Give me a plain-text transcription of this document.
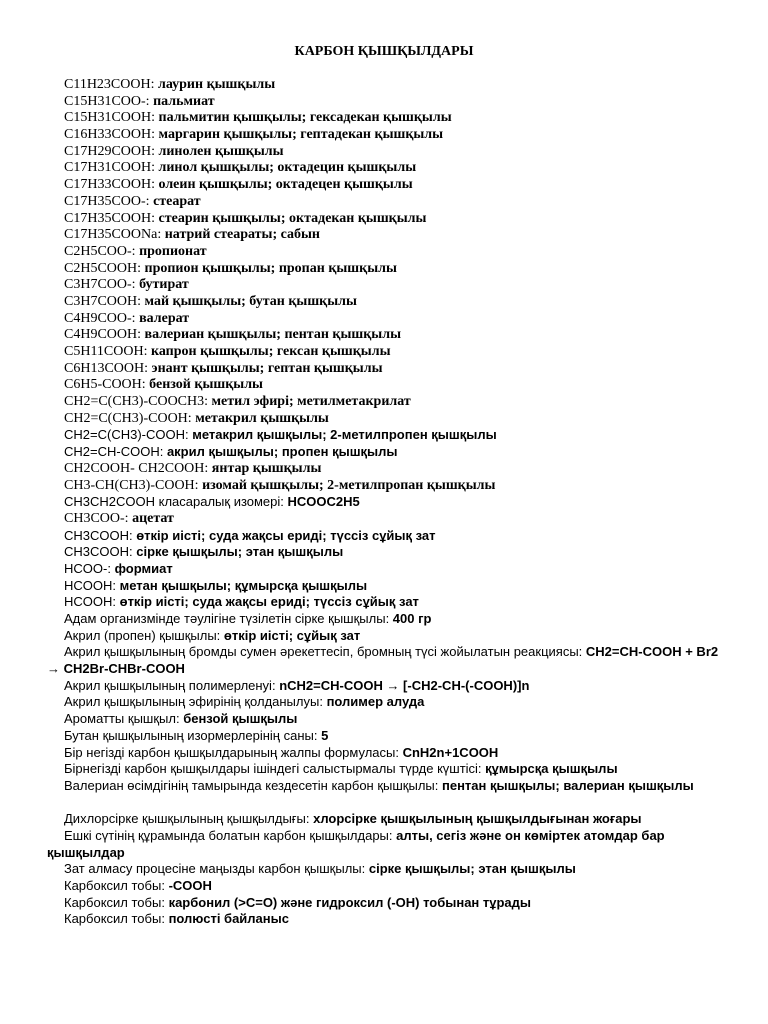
КАРБОН ҚЫШҚЫЛДАРЫ
C11H23COOH: лаурин қышқылы
C15H31COO-: пальмиат
C15H31COOH: пальмитин қышқылы; гексадекан қышқылы
C16H33COOH: маргарин қышқылы; гептадекан қышқылы
C17H29COOH: линолен қышқылы
C17H31COOH: линол қышқылы; октадецин қышқылы
C17H33COOH: олеин қышқылы; октадецен қышқылы
C17H35COO-: стеарат
C17H35COOH: стеарин қышқылы; октадекан қышқылы
C17H35COONa: натрий стеараты; сабын
C2H5COO-: пропионат
C2H5COOH: пропион қышқылы; пропан қышқылы
C3H7COO-: бутират
C3H7COOH: май қышқылы; бутан қышқылы
C4H9COO-: валерат
C4H9COOH: валериан қышқылы; пентан қышқылы
C5H11COOH: капрон қышқылы; гексан қышқылы
C6H13COOH: энант қышқылы; гептан қышқылы
C6H5-COOH: бензой қышқылы
CH2=C(CH3)-COOCH3: метил эфирі; метилметакрилат
CH2=C(CH3)-COOH: метакрил қышқылы
CH2=C(CH3)-COOH: метакрил қышқылы; 2-метилпропен қышқылы
CH2=CH-COOH: акрил қышқылы; пропен қышқылы
CH2COOH- CH2COOH: янтар қышқылы
CH3-CH(CH3)-COOH: изомай қышқылы; 2-метилпропан қышқылы
CH3CH2COOH класаралық изомері: HCOOC2H5
CH3COO-: ацетат
CH3COOH: өткір иісті; суда жақсы ериді; түссіз сұйық зат
CH3COOH: сірке қышқылы; этан қышқылы
HCOO-: формиат
HCOOH: метан қышқылы; құмырсқа қышқылы
HCOOH: өткір иісті; суда жақсы ериді; түссіз сұйық зат
Адам организмінде тәулігіне түзілетін сірке қышқылы: 400 гр
Акрил (пропен) қышқылы: өткір иісті; сұйық зат
Акрил қышқылының бромды сумен әрекеттесіп, бромның түсі жойылатын реакциясы: CH2=CH-COOH + Br2 → CH2Br-CHBr-COOH
Акрил қышқылының полимерленуі: nCH2=CH-COOH → [-CH2-CH-(-COOH)]n
Акрил қышқылының эфирінің қолданылуы: полимер алуда
Ароматты қышқыл: бензой қышқылы
Бутан қышқылының изормерлерінің саны: 5
Бір негізді карбон қышқылдарының жалпы формуласы: CnH2n+1COOH
Бірнегізді карбон қышқылдары ішіндегі салыстырмалы түрде күштісі: құмырсқа қышқылы
Валериан өсімдігінің тамырында кездесетін карбон қышқылы: пентан қышқылы; валериан қышқылы
Дихлорсірке қышқылының қышқылдығы: хлорсірке қышқылының қышқылдығынан жоғары
Ешкі сүтінің құрамында болатын карбон қышқылдары: алты, сегіз және он көміртек атомдар бар қышқылдар
Зат алмасу процесіне маңызды карбон қышқылы: сірке қышқылы; этан қышқылы
Карбоксил тобы: -COOH
Карбоксил тобы: карбонил (>C=O) және гидроксил (-OH) тобынан тұрады
Карбоксил тобы: полюсті байланыс
